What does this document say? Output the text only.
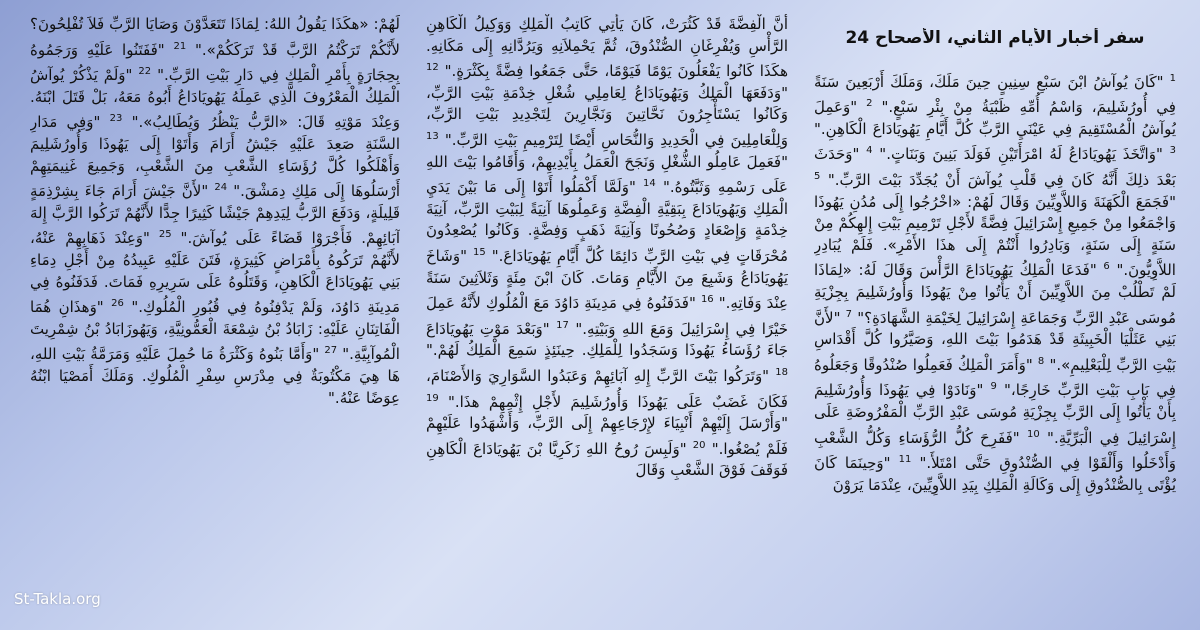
سفر أخبار الأيام الثاني، الأصحاح 24
$^1$ "كَانَ يُوآشُ ابْنَ سَبْعِ سِنِينٍ حِينَ مَلَكَ، وَمَلَكَ أَرْبَعِينَ سَنَةً فِي أُورُشَلِيمَ، وَاسْمُ أُمِّهِ ظَبْيَةُ مِنْ بِئْرِ سَبْعٍ." $^2$ "وَعَمِلَ يُوآشُ الْمُسْتَقِيمَ فِي عَيْنَيِ الرَّبِّ كُلَّ أَيَّامِ يَهُويَادَاعَ الْكَاهِنِ." $^3$ "وَاتَّخَذَ يَهُويَادَاعُ لَهُ امْرَأَتَيْنِ فَوَلَدَ بَنِينَ وَبَنَاتٍ." $^4$ "وَحَدَثَ بَعْدَ ذلِكَ أَنَّهُ كَانَ فِي قَلْبِ يُوآشَ أَنْ يُجَدِّدَ بَيْتَ الرَّبِّ." $^5$ "فَجَمَعَ الْكَهَنَةَ وَاللاَّوِيِّينَ وَقَالَ لَهُمْ: «اخْرُجُوا إِلَى مُدُنِ يَهُوذَا وَاجْمَعُوا مِنْ جَمِيعِ إِسْرَائِيلَ فِضَّةً لأَجْلِ تَرْمِيمِ بَيْتِ إِلهِكُمْ مِنْ سَنَةٍ إِلَى سَنَةٍ، وَبَادِرُوا أَنْتُمْ إِلَى هذَا الأَمْرِ». فَلَمْ يُبَادِرِ اللاَّوِيُّونَ." $^6$ "فَدَعَا الْمَلِكُ يَهُويَادَاعَ الرَّأْسَ وَقَالَ لَهُ: «لِمَاذَا لَمْ تَطْلُبْ مِنَ اللاَّوِيِّينَ أَنْ يَأْتُوا مِنْ يَهُوذَا وَأُورُشَلِيمَ بِجِزْيَةِ مُوسَى عَبْدِ الرَّبِّ وَجَمَاعَةِ إِسْرَائِيلَ لِخَيْمَةِ الشَّهَادَةِ؟" $^7$ "لأَنَّ بَنِي عَثَلْيَا الْخَبِيثَةِ قَدْ هَدَمُوا بَيْتَ اللهِ، وَصَيَّرُوا كُلَّ أَقْدَاسِ بَيْتِ الرَّبِّ لِلْبَعْلِيمِ»." $^8$ "وَأَمَرَ الْمَلِكُ فَعَمِلُوا صُنْدُوقًا وَجَعَلُوهُ فِي بَابِ بَيْتِ الرَّبِّ خَارِجًا،" $^9$ "وَنَادَوْا فِي يَهُوذَا وَأُورُشَلِيمَ بِأَنْ يَأْتُوا إِلَى الرَّبِّ بِجِزْيَةِ مُوسَى عَبْدِ الرَّبِّ الْمَفْرُوضَةِ عَلَى إِسْرَائِيلَ فِي الْبَرِّيَّةِ." $^{10}$ "فَفَرِحَ كُلُّ الرُّؤَسَاءِ وَكُلُّ الشَّعْبِ وَأَدْخَلُوا وَأَلْقَوْا فِي الصُّنْدُوقِ حَتَّى امْتَلأَ." $^{11}$ "وَحِينَمَا كَانَ يُؤْتَى بِالصُّنْدُوقِ إِلَى وَكَالَةِ الْمَلِكِ بِيَدِ اللاَّوِيِّينَ، عِنْدَمَا يَرَوْنَ
أَنَّ الْفِضَّةَ قَدْ كَثُرَتْ، كَانَ يَأْتِي كَاتِبُ الْمَلِكِ وَوَكِيلُ الْكَاهِنِ الرَّأْسِ وَيُفْرِغَانِ الصُّنْدُوقَ، ثُمَّ يَحْمِلاَنِهِ وَيَرُدَّانِهِ إِلَى مَكَانِهِ. هكَذَا كَانُوا يَفْعَلُونَ يَوْمًا فَيَوْمًا، حَتَّى جَمَعُوا فِضَّةً بِكَثْرَةٍ." $^{12}$ "وَدَفَعَهَا الْمَلِكُ وَيَهُويَادَاعُ لِعَامِلِي شُغْلِ خِدْمَةِ بَيْتِ الرَّبِّ، وَكَانُوا يَسْتَأْجِرُونَ نَحَّاتِينَ وَنَجَّارِينَ لِتَجْدِيدِ بَيْتِ الرَّبِّ، وَلِلْعَامِلِينَ فِي الْحَدِيدِ وَالنُّحَاسِ أَيْضًا لِتَرْمِيمِ بَيْتِ الرَّبِّ." $^{13}$ "فَعَمِلَ عَامِلُو الشُّغْلِ وَنَجَحَ الْعَمَلُ بِأَيْدِيهِمْ، وَأَقَامُوا بَيْتَ اللهِ عَلَى رَسْمِهِ وَثَبَّتُوهُ." $^{14}$ "وَلَمَّا أَكْمَلُوا أَتَوْا إِلَى مَا بَيْنَ يَدَيِ الْمَلِكِ وَيَهُويَادَاعَ بِبَقِيَّةِ الْفِضَّةِ وَعَمِلُوهَا آنِيَةً لِبَيْتِ الرَّبِّ، آنِيَةَ خِدْمَةٍ وَإِصْعَادٍ وَصُحُونًا وَآنِيَةَ ذَهَبٍ وَفِضَّةٍ. وَكَانُوا يُصْعِدُونَ مُحْرَقَاتٍ فِي بَيْتِ الرَّبِّ دَائِمًا كُلَّ أَيَّامِ يَهُويَادَاعَ." $^{15}$ "وَشَاخَ يَهُويَادَاعُ وَشَبِعَ مِنَ الأَيَّامِ وَمَاتَ. كَانَ ابْنَ مِئَةٍ وَثَلاَثِينَ سَنَةً عِنْدَ وَفَاتِهِ." $^{16}$ "فَدَفَنُوهُ فِي مَدِينَةِ دَاوُدَ مَعَ الْمُلُوكِ لأَنَّهُ عَمِلَ خَيْرًا فِي إِسْرَائِيلَ وَمَعَ اللهِ وَبَيْتِهِ." $^{17}$ "وَبَعْدَ مَوْتِ يَهُويَادَاعَ جَاءَ رُؤَسَاءُ يَهُوذَا وَسَجَدُوا لِلْمَلِكِ. حِينَئِذٍ سَمِعَ الْمَلِكُ لَهُمْ." $^{18}$ "وَتَرَكُوا بَيْتَ الرَّبِّ إِلهِ آبَائِهِمْ وَعَبَدُوا السَّوَارِيَ وَالأَصْنَامَ، فَكَانَ غَضَبٌ عَلَى يَهُوذَا وَأُورُشَلِيمَ لأَجْلِ إِثْمِهِمْ هذَا." $^{19}$ "وَأَرْسَلَ إِلَيْهِمْ أَنْبِيَاءَ لإِرْجَاعِهِمْ إِلَى الرَّبِّ، وَأَشْهَدُوا عَلَيْهِمْ فَلَمْ يُصْغُوا." $^{20}$ "وَلَبِسَ رُوحُ اللهِ زَكَرِيَّا بْنَ يَهُويَادَاعَ الْكَاهِنِ فَوَقَفَ فَوْقَ الشَّعْبِ وَقَالَ
لَهُمْ: «هكَذَا يَقُولُ اللهُ: لِمَاذَا تَتَعَدَّوْنَ وَصَايَا الرَّبِّ فَلاَ تُفْلِحُونَ؟ لأَنَّكُمْ تَرَكْتُمُ الرَّبَّ قَدْ تَرَكَكُمْ»." $^{21}$ "فَفَتَنُوا عَلَيْهِ وَرَجَمُوهُ بِحِجَارَةٍ بِأَمْرِ الْمَلِكِ فِي دَارِ بَيْتِ الرَّبِّ." $^{22}$ "وَلَمْ يَذْكُرْ يُوآشُ الْمَلِكُ الْمَعْرُوفَ الَّذِي عَمِلَهُ يَهُويَادَاعُ أَبُوهُ مَعَهُ، بَلْ قَتَلَ ابْنَهُ. وَعِنْدَ مَوْتِهِ قَالَ: «الرَّبُّ يَنْظُرُ وَيُطَالِبُ»." $^{23}$ "وَفِي مَدَارِ السَّنَةِ صَعِدَ عَلَيْهِ جَيْشُ أَرَامَ وَأَتَوْا إِلَى يَهُوذَا وَأُورُشَلِيمَ وَأَهْلَكُوا كُلَّ رُؤَسَاءِ الشَّعْبِ مِنَ الشَّعْبِ، وَجَمِيعَ غَنِيمَتِهِمْ أَرْسَلُوهَا إِلَى مَلِكِ دِمَشْقَ." $^{24}$ "لأَنَّ جَيْشَ أَرَامَ جَاءَ بِشِرْذِمَةٍ قَلِيلَةٍ، وَدَفَعَ الرَّبُّ لِيَدِهِمْ جَيْشًا كَثِيرًا جِدًّا لأَنَّهُمْ تَرَكُوا الرَّبَّ إِلهَ آبَائِهِمْ. فَأَجْرَوْا قَضَاءً عَلَى يُوآشَ." $^{25}$ "وَعِنْدَ ذَهَابِهِمْ عَنْهُ، لأَنَّهُمْ تَرَكُوهُ بِأَمْرَاضٍ كَثِيرَةٍ، فَتَنَ عَلَيْهِ عَبِيدُهُ مِنْ أَجْلِ دِمَاءِ بَنِي يَهُويَادَاعَ الْكَاهِنِ، وَقَتَلُوهُ عَلَى سَرِيرِهِ فَمَاتَ. فَدَفَنُوهُ فِي مَدِينَةِ دَاوُدَ، وَلَمْ يَدْفِنُوهُ فِي قُبُورِ الْمُلُوكِ." $^{26}$ "وَهذَانِ هُمَا الْفَاتِنَانِ عَلَيْهِ: زَابَادُ بْنُ شِمْعَةَ الْعَمُّونِيَّةِ، وَيَهُوزَابَادُ بْنُ شِمْرِيتَ الْمُوآبِيَّةِ." $^{27}$ "وَأَمَّا بَنُوهُ وَكَثْرَةُ مَا حُمِلَ عَلَيْهِ وَمَرَمَّةُ بَيْتِ اللهِ، هَا هِيَ مَكْتُوبَةٌ فِي مِدْرَسِ سِفْرِ الْمُلُوكِ. وَمَلَكَ أَمَصْيَا ابْنُهُ عِوَضًا عَنْهُ."
St-Takla.org
